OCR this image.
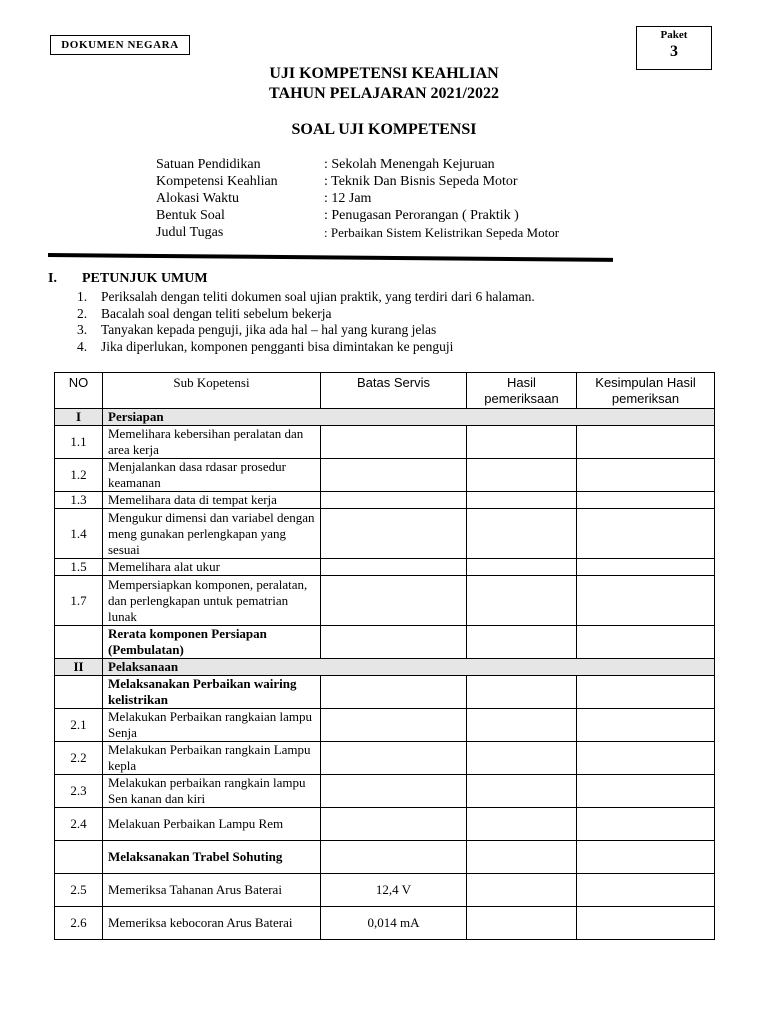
DOKUMEN NEGARA
Paket
3
UJI KOMPETENSI KEAHLIAN
TAHUN PELAJARAN 2021/2022
SOAL UJI KOMPETENSI
Satuan Pendidikan	: Sekolah Menengah Kejuruan
Kompetensi Keahlian	: Teknik Dan Bisnis Sepeda Motor
Alokasi Waktu	: 12 Jam
Bentuk Soal	: Penugasan Perorangan ( Praktik )
Judul Tugas	: Perbaikan Sistem Kelistrikan Sepeda Motor
I. PETUNJUK UMUM
1.	Periksalah dengan teliti dokumen soal ujian praktik, yang terdiri dari 6 halaman.
2.	Bacalah soal dengan teliti sebelum bekerja
3.	Tanyakan kepada penguji, jika ada hal – hal yang kurang jelas
4.	Jika diperlukan, komponen pengganti bisa dimintakan ke penguji
NO	Sub Kopetensi	Batas Servis	Hasil pemeriksaan	Kesimpulan Hasil pemeriksan
I	Persiapan			
1.1	Memelihara kebersihan peralatan dan area kerja			
1.2	Menjalankan dasa rdasar prosedur keamanan			
1.3	Memelihara data di tempat kerja			
1.4	Mengukur dimensi dan variabel dengan meng gunakan perlengkapan yang sesuai			
1.5	Memelihara alat ukur			
1.7	Mempersiapkan komponen, peralatan, dan perlengkapan untuk pematrian lunak			
	Rerata komponen Persiapan (Pembulatan)			
II	Pelaksanaan			
	Melaksanakan Perbaikan wairing kelistrikan			
2.1	Melakukan Perbaikan rangkaian lampu Senja			
2.2	Melakukan Perbaikan rangkain Lampu kepla			
2.3	Melakukan perbaikan rangkain lampu Sen kanan dan kiri			
2.4	Melakuan Perbaikan Lampu Rem			
	Melaksanakan Trabel Sohuting			
2.5	Memeriksa Tahanan Arus Baterai	12,4 V		
2.6	Memeriksa kebocoran Arus Baterai	0,014 mA		
